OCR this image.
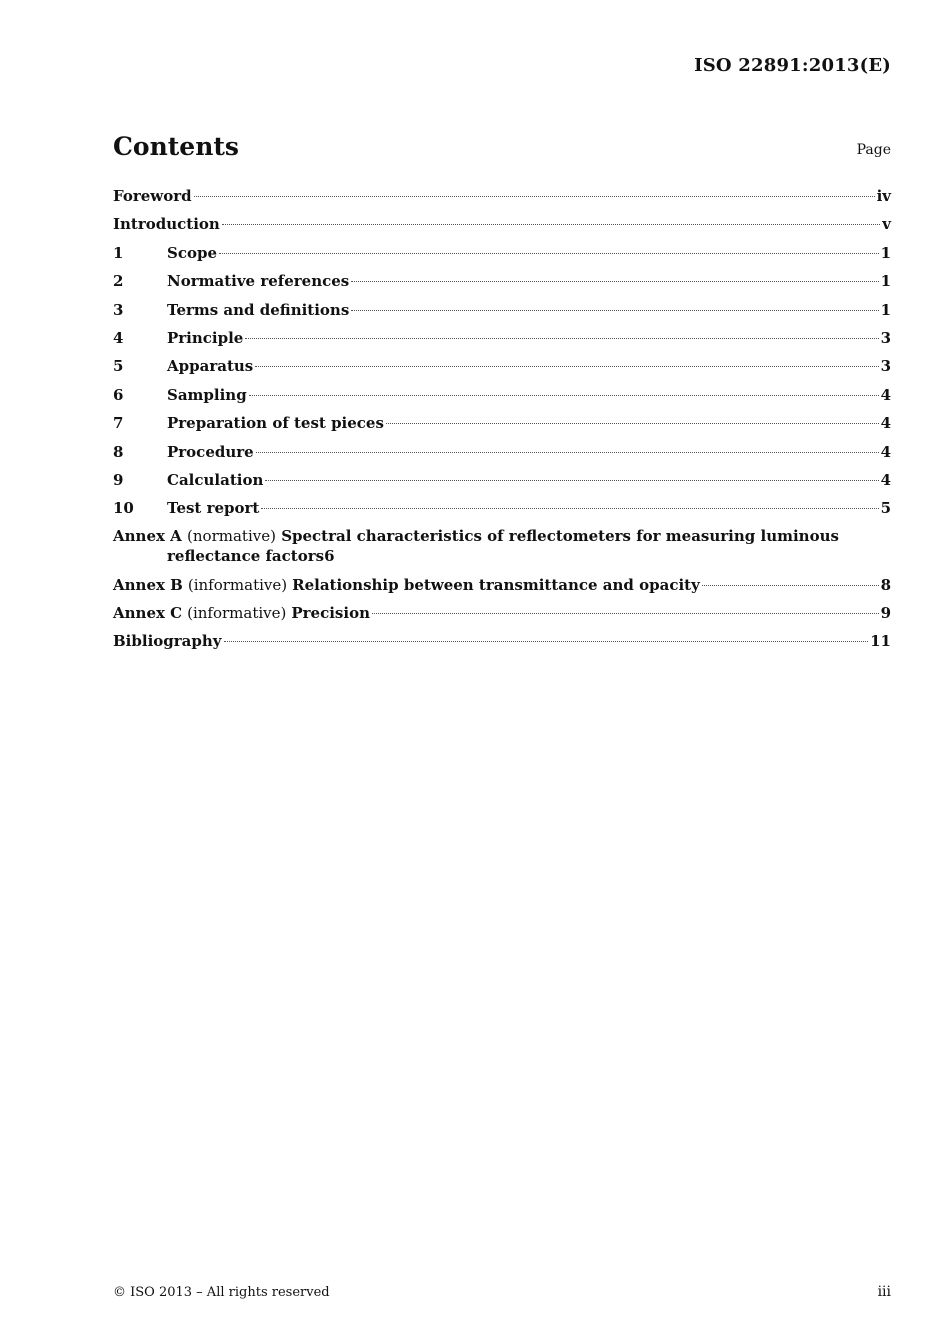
ISO 22891:2013(E)
Contents	Page
Foreword	iv
Introduction	v
1	Scope	1
2	Normative references	1
3	Terms and definitions	1
4	Principle	3
5	Apparatus	3
6	Sampling	4
7	Preparation of test pieces	4
8	Procedure	4
9	Calculation	4
10	Test report	5
Annex A (normative) Spectral characteristics of reflectometers for measuring luminous
reflectance factors 6
Annex B (informative) Relationship between transmittance and opacity	8
Annex C (informative) Precision	9
Bibliography	11
© ISO 2013 – All rights reserved	iii
